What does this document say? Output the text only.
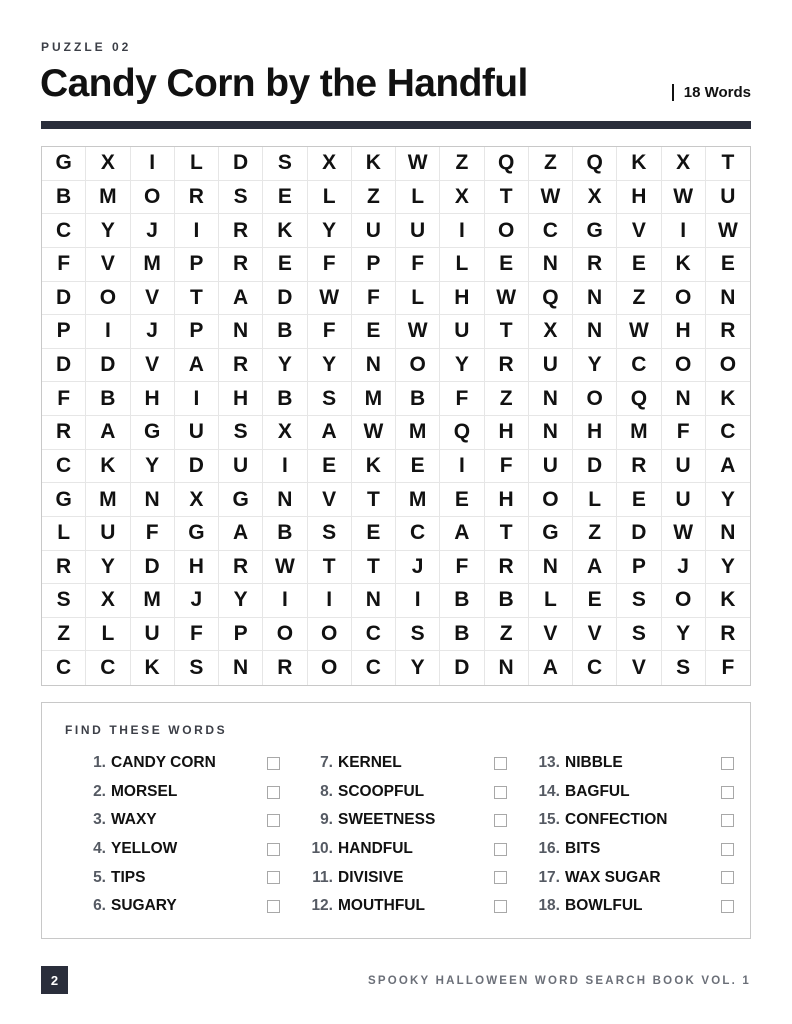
PUZZLE 02
Candy Corn by the Handful	18 Words
G	X	I	L	D	S	X	K	W	Z	Q	Z	Q	K	X	T
B	M	O	R	S	E	L	Z	L	X	T	W	X	H	W	U
C	Y	J	I	R	K	Y	U	U	I	O	C	G	V	I	W
F	V	M	P	R	E	F	P	F	L	E	N	R	E	K	E
D	O	V	T	A	D	W	F	L	H	W	Q	N	Z	O	N
P	I	J	P	N	B	F	E	W	U	T	X	N	W	H	R
D	D	V	A	R	Y	Y	N	O	Y	R	U	Y	C	O	O
F	B	H	I	H	B	S	M	B	F	Z	N	O	Q	N	K
R	A	G	U	S	X	A	W	M	Q	H	N	H	M	F	C
C	K	Y	D	U	I	E	K	E	I	F	U	D	R	U	A
G	M	N	X	G	N	V	T	M	E	H	O	L	E	U	Y
L	U	F	G	A	B	S	E	C	A	T	G	Z	D	W	N
R	Y	D	H	R	W	T	T	J	F	R	N	A	P	J	Y
S	X	M	J	Y	I	I	N	I	B	B	L	E	S	O	K
Z	L	U	F	P	O	O	C	S	B	Z	V	V	S	Y	R
C	C	K	S	N	R	O	C	Y	D	N	A	C	V	S	F
FIND THESE WORDS
1. CANDY CORN
2. MORSEL
3. WAXY
4. YELLOW
5. TIPS
6. SUGARY
7. KERNEL
8. SCOOPFUL
9. SWEETNESS
10. HANDFUL
11. DIVISIVE
12. MOUTHFUL
13. NIBBLE
14. BAGFUL
15. CONFECTION
16. BITS
17. WAX SUGAR
18. BOWLFUL
2	SPOOKY HALLOWEEN WORD SEARCH BOOK VOL. 1
